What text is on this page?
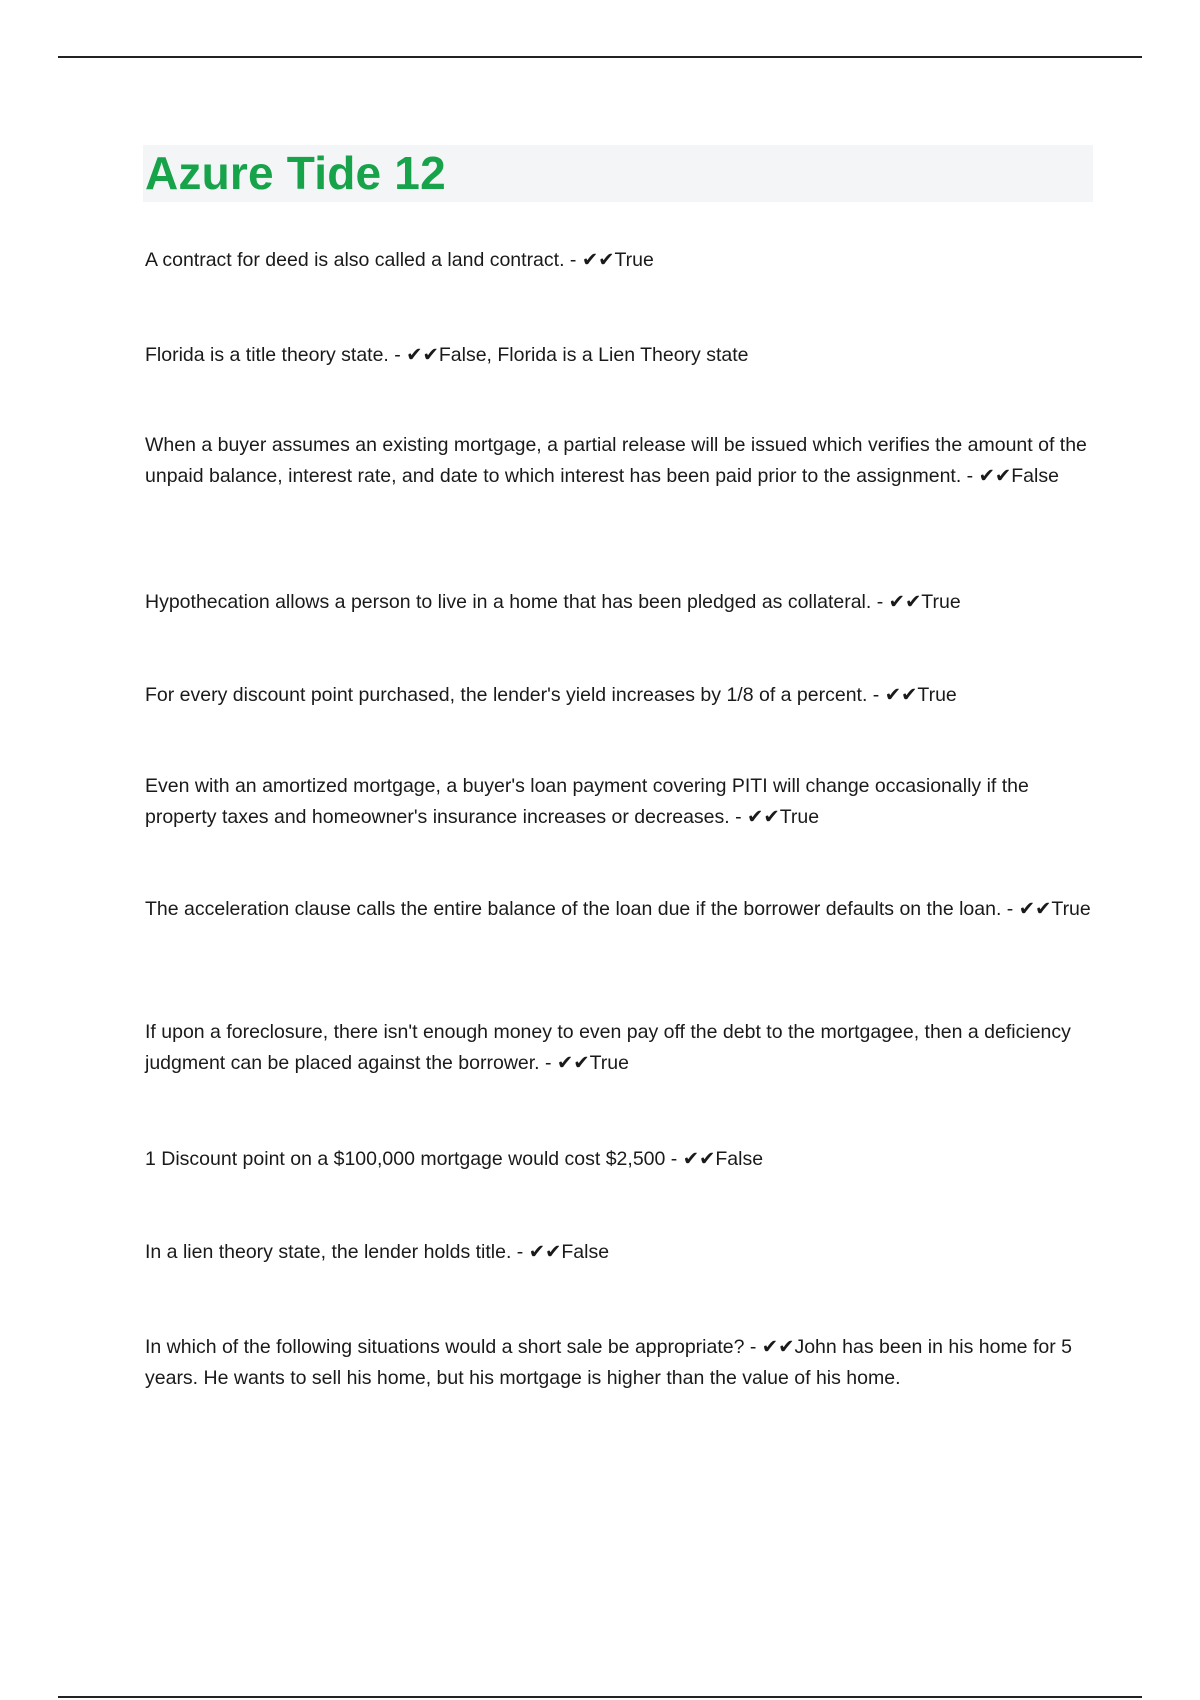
Azure Tide 12

A contract for deed is also called a land contract. - ✔✔True

Florida is a title theory state. - ✔✔False, Florida is a Lien Theory state

When a buyer assumes an existing mortgage, a partial release will be issued which verifies the amount of the unpaid balance, interest rate, and date to which interest has been paid prior to the assignment. - ✔✔False

Hypothecation allows a person to live in a home that has been pledged as collateral. - ✔✔True

For every discount point purchased, the lender's yield increases by 1/8 of a percent. - ✔✔True

Even with an amortized mortgage, a buyer's loan payment covering PITI will change occasionally if the property taxes and homeowner's insurance increases or decreases. - ✔✔True

The acceleration clause calls the entire balance of the loan due if the borrower defaults on the loan. - ✔✔True

If upon a foreclosure, there isn't enough money to even pay off the debt to the mortgagee, then a deficiency judgment can be placed against the borrower. - ✔✔True

1 Discount point on a $100,000 mortgage would cost $2,500 - ✔✔False

In a lien theory state, the lender holds title. - ✔✔False

In which of the following situations would a short sale be appropriate? - ✔✔John has been in his home for 5 years. He wants to sell his home, but his mortgage is higher than the value of his home.
